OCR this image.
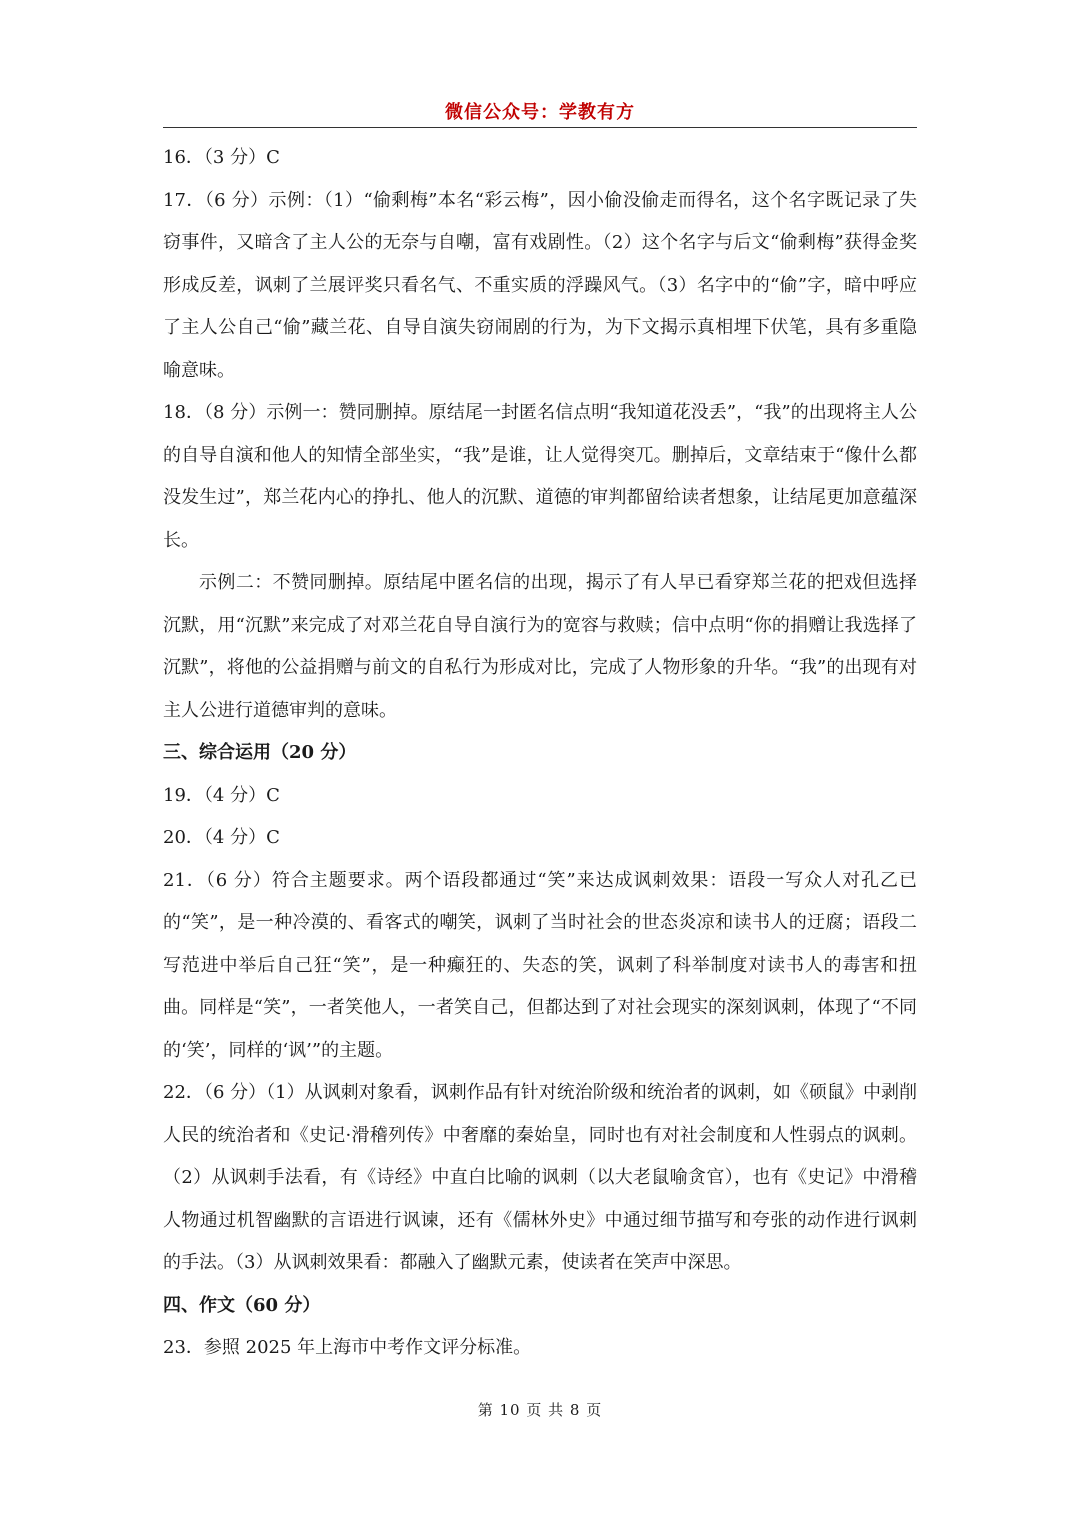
微信公众号：学教有方

16．（3 分）C

17．（6 分）示例：（1）“偷剩梅”本名“彩云梅”，因小偷没偷走而得名，这个名字既记录了失窃事件，又暗含了主人公的无奈与自嘲，富有戏剧性。（2）这个名字与后文“偷剩梅”获得金奖形成反差，讽刺了兰展评奖只看名气、不重实质的浮躁风气。（3）名字中的“偷”字，暗中呼应了主人公自己“偷”藏兰花、自导自演失窃闹剧的行为，为下文揭示真相埋下伏笔，具有多重隐喻意味。

18．（8 分）示例一：赞同删掉。原结尾一封匿名信点明“我知道花没丢”，“我”的出现将主人公的自导自演和他人的知情全部坐实，“我”是谁，让人觉得突兀。删掉后，文章结束于“像什么都没发生过”，郑兰花内心的挣扎、他人的沉默、道德的审判都留给读者想象，让结尾更加意蕴深长。

示例二：不赞同删掉。原结尾中匿名信的出现，揭示了有人早已看穿郑兰花的把戏但选择沉默，用“沉默”来完成了对邓兰花自导自演行为的宽容与救赎；信中点明“你的捐赠让我选择了沉默”，将他的公益捐赠与前文的自私行为形成对比，完成了人物形象的升华。“我”的出现有对主人公进行道德审判的意味。

三、综合运用（20 分）

19．（4 分）C

20．（4 分）C

21．（6 分）符合主题要求。两个语段都通过“笑”来达成讽刺效果：语段一写众人对孔乙已的“笑”，是一种冷漠的、看客式的嘲笑，讽刺了当时社会的世态炎凉和读书人的迂腐；语段二写范进中举后自己狂“笑”，是一种癫狂的、失态的笑，讽刺了科举制度对读书人的毒害和扭曲。同样是“笑”，一者笑他人，一者笑自己，但都达到了对社会现实的深刻讽刺，体现了“不同的‘笑’，同样的‘讽’”的主题。

22．（6 分）（1）从讽刺对象看，讽刺作品有针对统治阶级和统治者的讽刺，如《硕鼠》中剥削人民的统治者和《史记·滑稽列传》中奢靡的秦始皇，同时也有对社会制度和人性弱点的讽刺。（2）从讽刺手法看，有《诗经》中直白比喻的讽刺（以大老鼠喻贪官），也有《史记》中滑稽人物通过机智幽默的言语进行讽谏，还有《儒林外史》中通过细节描写和夸张的动作进行讽刺的手法。（3）从讽刺效果看：都融入了幽默元素，使读者在笑声中深思。

四、作文（60 分）

23．参照 2025 年上海市中考作文评分标准。

第 10 页 共 8 页
